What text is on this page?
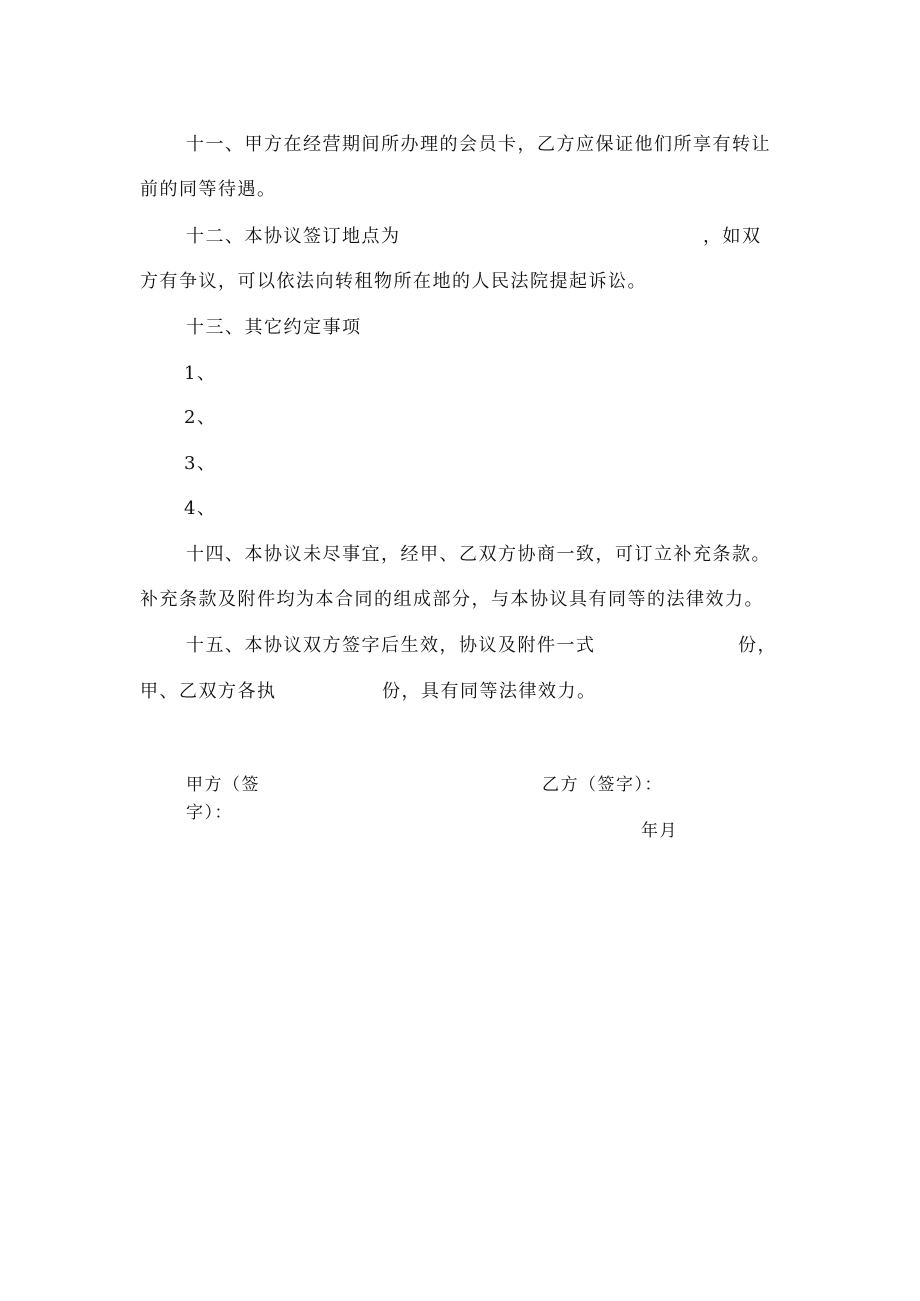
十一、甲方在经营期间所办理的会员卡，乙方应保证他们所享有转让
前的同等待遇。
十二、本协议签订地点为	，如双
方有争议，可以依法向转租物所在地的人民法院提起诉讼。
十三、其它约定事项
1、
2、
3、
4、
十四、本协议未尽事宜，经甲、乙双方协商一致，可订立补充条款。
补充条款及附件均为本合同的组成部分，与本协议具有同等的法律效力。
十五、本协议双方签字后生效，协议及附件一式	份，
甲、乙双方各执	份，具有同等法律效力。
甲方（签
字）：
乙方（签字）：
年月
